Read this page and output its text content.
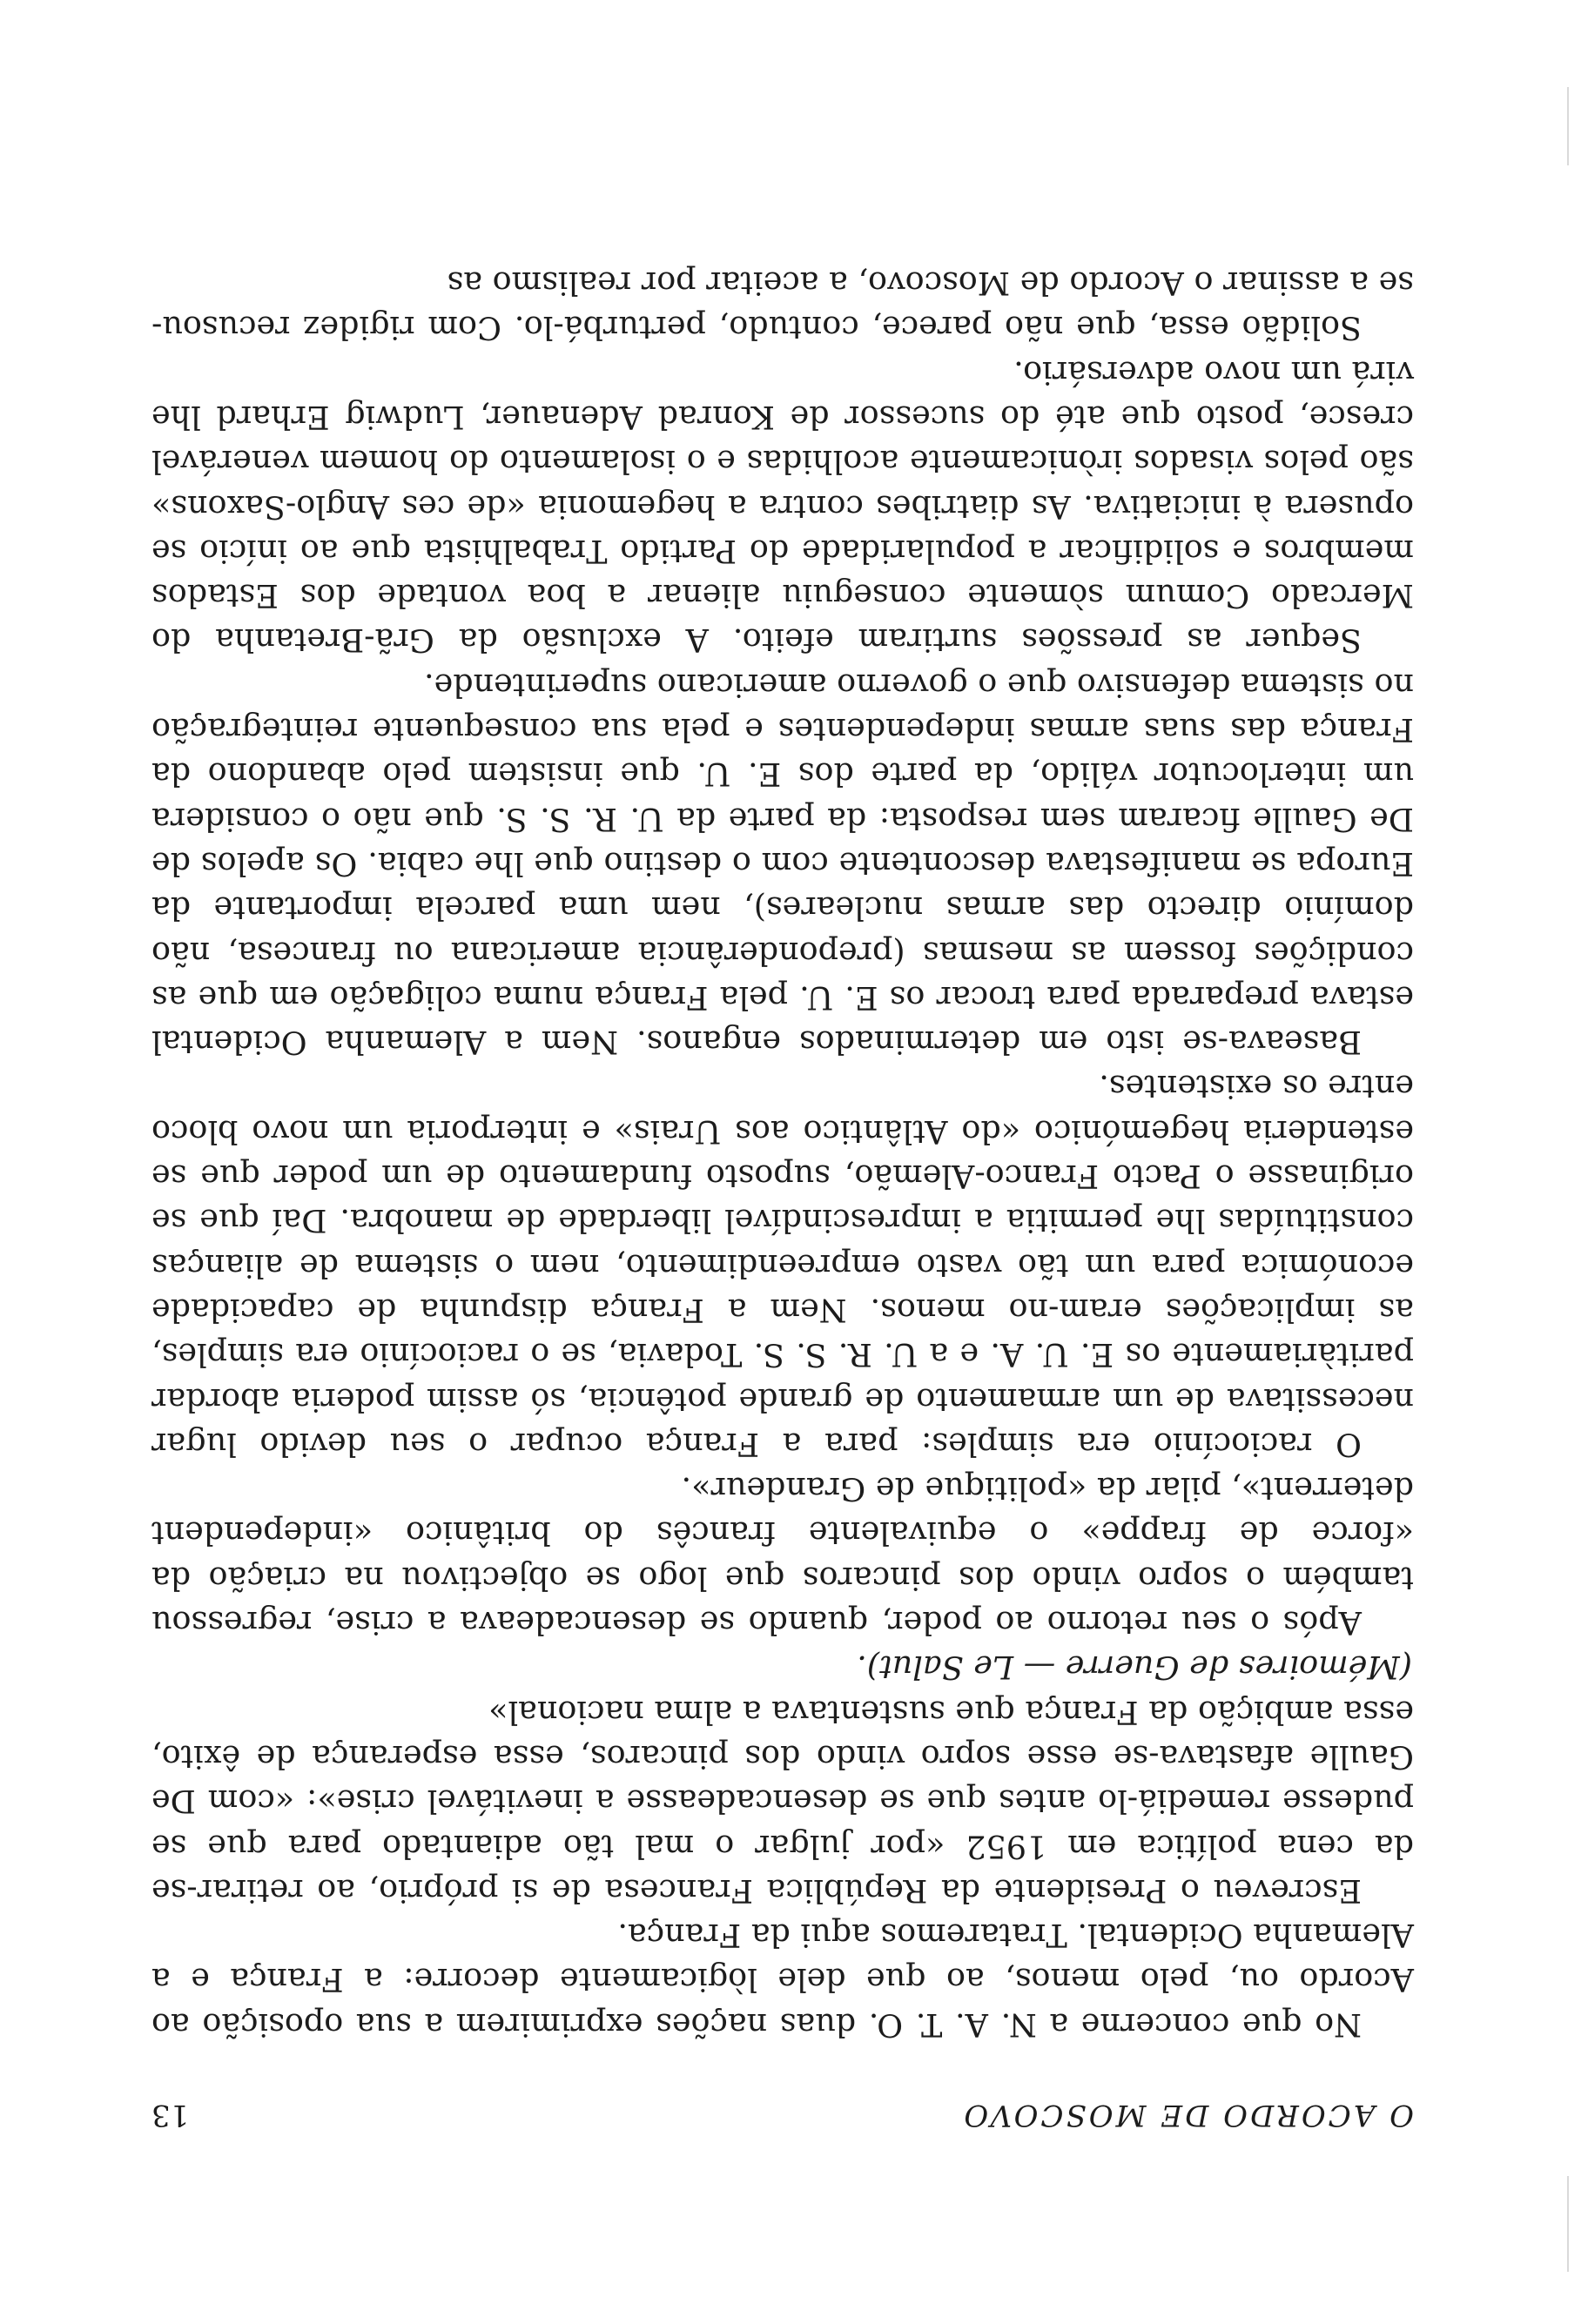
O ACORDO DE MOSCOVO
13

No que concerne a N. A. T. O. duas nações exprimirem a sua oposição ao Acordo ou, pelo menos, ao que dele lògicamente decorre: a França e a Alemanha Ocidental. Trataremos aqui da França.

Escreveu o Presidente da República Francesa de si próprio, ao retirar-se da cena política em 1952 «por julgar o mal tão adiantado para que se pudesse remediá-lo antes que se desencadeasse a inevitável crise»: «com De Gaulle afastava-se esse sopro vindo dos pincaros, essa esperança de êxito, essa ambição da França que sustentava a alma nacional»

(Mémoires de Guerre — Le Salut).

Após o seu retorno ao poder, quando se desencadeava a crise, regressou também o sopro vindo dos pincaros que logo se objectivou na criação da «force de frappe» o equivalente francês do britânico «independent deterrent», pilar da «politique de Grandeur».

O raciocínio era simples: para a França ocupar o seu devido lugar necessitava de um armamento de grande potência, só assim poderia abordar paritàriamente os E. U. A. e a U. R. S. S. Todavia, se o raciocínio era simples, as implicações eram-no menos. Nem a França dispunha de capacidade económica para um tão vasto empreendimento, nem o sistema de alianças constituídas lhe permitia a imprescindível liberdade de manobra. Daí que se originasse o Pacto Franco-Alemão, suposto fundamento de um poder que se estenderia hegemónico «do Atlântico aos Urais» e interporia um novo bloco entre os existentes.

Baseava-se isto em determinados enganos. Nem a Alemanha Ocidental estava preparada para trocar os E. U. pela França numa coligação em que as condições fossem as mesmas (preponderância americana ou francesa, não domínio directo das armas nucleares), nem uma parcela importante da Europa se manifestava descontente com o destino que lhe cabia. Os apelos de De Gaulle ficaram sem resposta: da parte da U. R. S. S. que não o considera um interlocutor válido, da parte dos E. U. que insistem pelo abandono da França das suas armas independentes e pela sua consequente reintegração no sistema defensivo que o governo americano superintende.

Sequer as pressões surtiram efeito. A exclusão da Grã-Bretanha do Mercado Comum sòmente conseguiu alienar a boa vontade dos Estados membros e solidificar a popularidade do Partido Trabalhista que ao início se opusera à iniciativa. As diatribes contra a hegemonia «de ces Anglo-Saxons» são pelos visados irònicamente acolhidas e o isolamento do homem venerável cresce, posto que até do sucessor de Konrad Adenauer, Ludwig Erhard lhe virá um novo adversário.

Solidão essa, que não parece, contudo, perturbá-lo. Com rigidez recusou-se a assinar o Acordo de Moscovo, a aceitar por realismo as
